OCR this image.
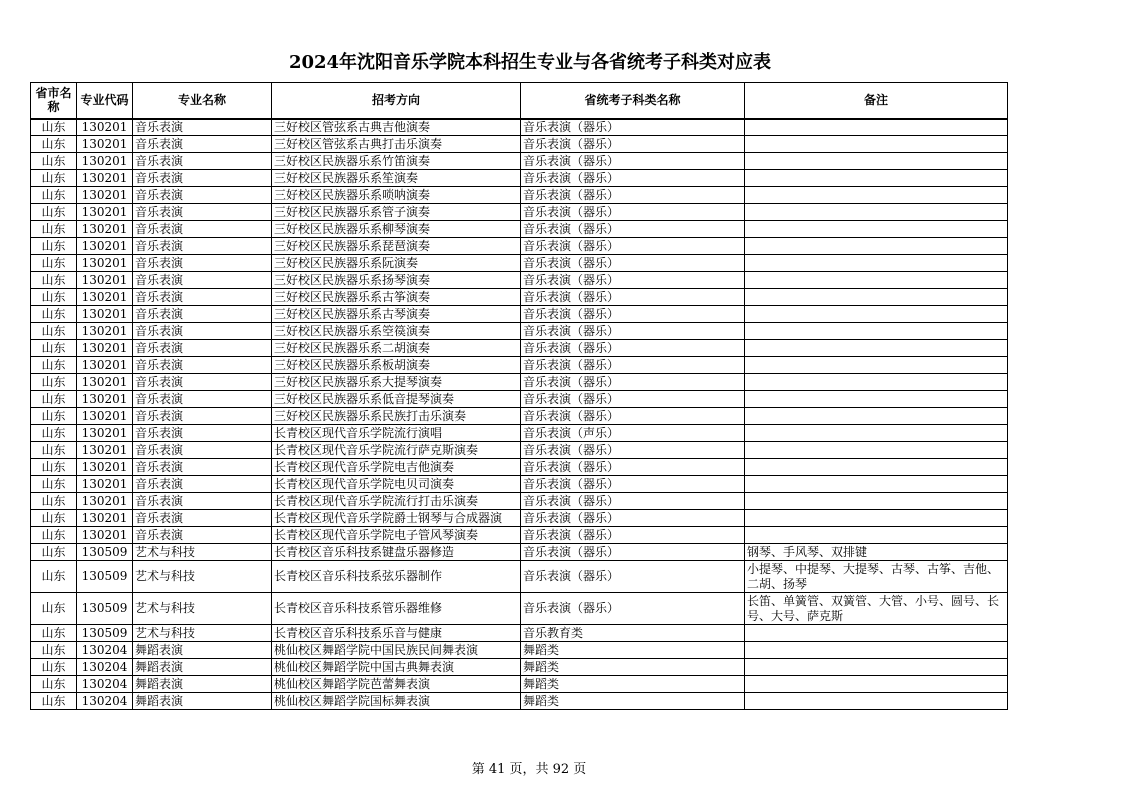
2024年沈阳音乐学院本科招生专业与各省统考子科类对应表
省市名称	专业代码	专业名称	招考方向	省统考子科类名称	备注
山东	130201	音乐表演	三好校区管弦系古典吉他演奏	音乐表演（器乐）	
山东	130201	音乐表演	三好校区管弦系古典打击乐演奏	音乐表演（器乐）	
山东	130201	音乐表演	三好校区民族器乐系竹笛演奏	音乐表演（器乐）	
山东	130201	音乐表演	三好校区民族器乐系笙演奏	音乐表演（器乐）	
山东	130201	音乐表演	三好校区民族器乐系唢呐演奏	音乐表演（器乐）	
山东	130201	音乐表演	三好校区民族器乐系管子演奏	音乐表演（器乐）	
山东	130201	音乐表演	三好校区民族器乐系柳琴演奏	音乐表演（器乐）	
山东	130201	音乐表演	三好校区民族器乐系琵琶演奏	音乐表演（器乐）	
山东	130201	音乐表演	三好校区民族器乐系阮演奏	音乐表演（器乐）	
山东	130201	音乐表演	三好校区民族器乐系扬琴演奏	音乐表演（器乐）	
山东	130201	音乐表演	三好校区民族器乐系古筝演奏	音乐表演（器乐）	
山东	130201	音乐表演	三好校区民族器乐系古琴演奏	音乐表演（器乐）	
山东	130201	音乐表演	三好校区民族器乐系箜篌演奏	音乐表演（器乐）	
山东	130201	音乐表演	三好校区民族器乐系二胡演奏	音乐表演（器乐）	
山东	130201	音乐表演	三好校区民族器乐系板胡演奏	音乐表演（器乐）	
山东	130201	音乐表演	三好校区民族器乐系大提琴演奏	音乐表演（器乐）	
山东	130201	音乐表演	三好校区民族器乐系低音提琴演奏	音乐表演（器乐）	
山东	130201	音乐表演	三好校区民族器乐系民族打击乐演奏	音乐表演（器乐）	
山东	130201	音乐表演	长青校区现代音乐学院流行演唱	音乐表演（声乐）	
山东	130201	音乐表演	长青校区现代音乐学院流行萨克斯演奏	音乐表演（器乐）	
山东	130201	音乐表演	长青校区现代音乐学院电吉他演奏	音乐表演（器乐）	
山东	130201	音乐表演	长青校区现代音乐学院电贝司演奏	音乐表演（器乐）	
山东	130201	音乐表演	长青校区现代音乐学院流行打击乐演奏	音乐表演（器乐）	
山东	130201	音乐表演	长青校区现代音乐学院爵士钢琴与合成器演	音乐表演（器乐）	
山东	130201	音乐表演	长青校区现代音乐学院电子管风琴演奏	音乐表演（器乐）	
山东	130509	艺术与科技	长青校区音乐科技系键盘乐器修造	音乐表演（器乐）	钢琴、手风琴、双排键
山东	130509	艺术与科技	长青校区音乐科技系弦乐器制作	音乐表演（器乐）	小提琴、中提琴、大提琴、古琴、古筝、吉他、二胡、扬琴
山东	130509	艺术与科技	长青校区音乐科技系管乐器维修	音乐表演（器乐）	长笛、单簧管、双簧管、大管、小号、圆号、长号、大号、萨克斯
山东	130509	艺术与科技	长青校区音乐科技系乐音与健康	音乐教育类	
山东	130204	舞蹈表演	桃仙校区舞蹈学院中国民族民间舞表演	舞蹈类	
山东	130204	舞蹈表演	桃仙校区舞蹈学院中国古典舞表演	舞蹈类	
山东	130204	舞蹈表演	桃仙校区舞蹈学院芭蕾舞表演	舞蹈类	
山东	130204	舞蹈表演	桃仙校区舞蹈学院国标舞表演	舞蹈类	
第 41 页，共 92 页
